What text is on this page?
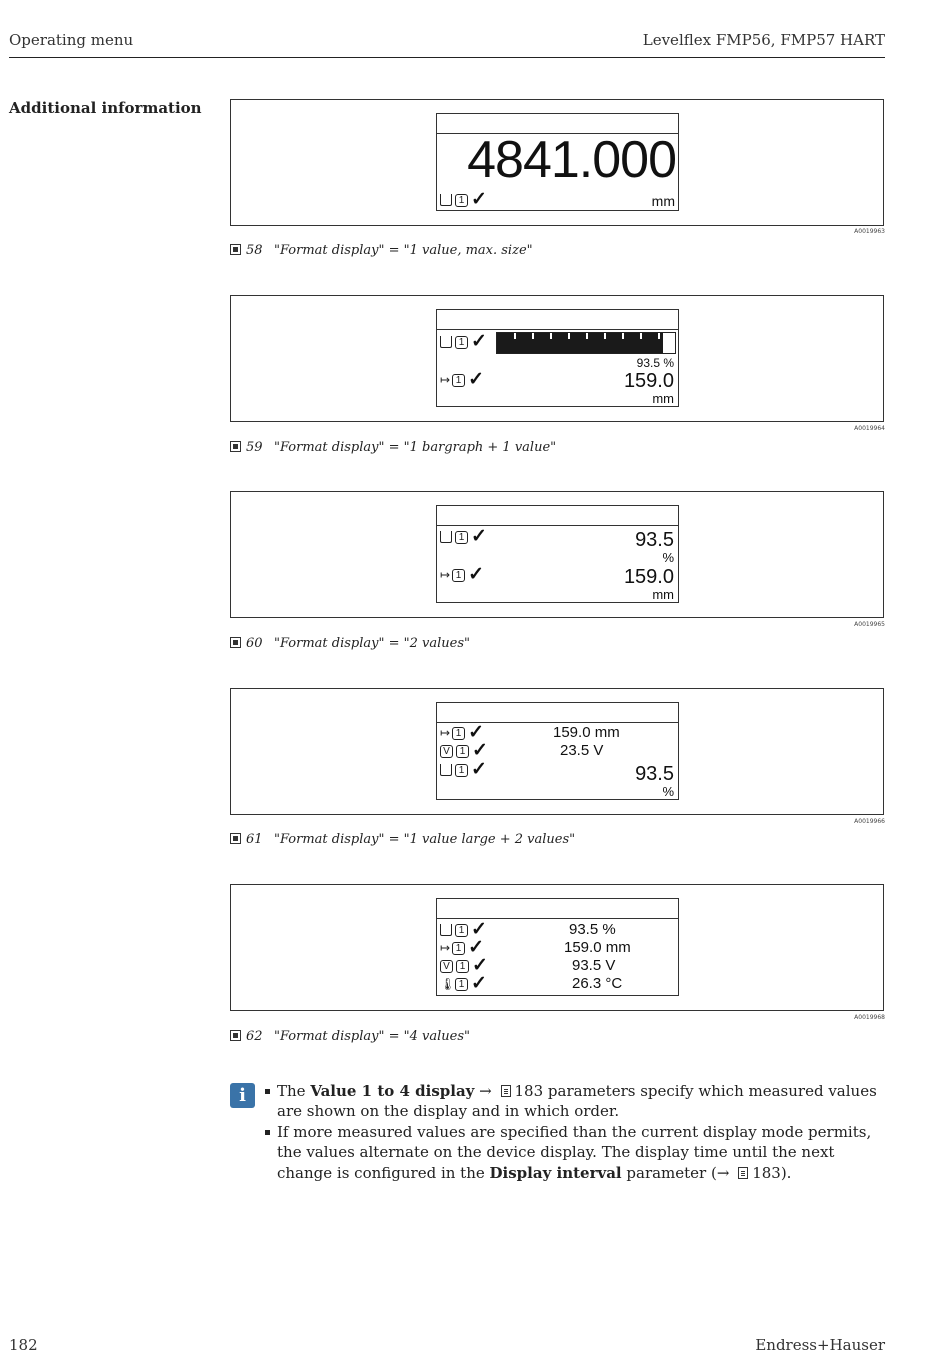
Operating menu	Levelflex FMP56, FMP57 HART
Additional information
4841.000
1 ✓	mm
A0019963
58 "Format display" = "1 value, max. size"
1 ✓
93.5 %
↦ 1 ✓	159.0
mm
A0019964
59 "Format display" = "1 bargraph + 1 value"
1 ✓	93.5
%
↦ 1 ✓	159.0
mm
A0019965
60 "Format display" = "2 values"
↦ 1 ✓	159.0 mm
V 1 ✓	23.5 V
1 ✓	93.5
%
A0019966
61 "Format display" = "1 value large + 2 values"
1 ✓	93.5 %
↦ 1 ✓	159.0 mm
V 1 ✓	93.5 V
🌡 1 ✓	26.3 °C
A0019968
62 "Format display" = "4 values"
i	The Value 1 to 4 display → 183 parameters specify which measured values are shown on the display and in which order.
If more measured values are specified than the current display mode permits, the values alternate on the device display. The display time until the next change is configured in the Display interval parameter (→ 183).
182	Endress+Hauser
